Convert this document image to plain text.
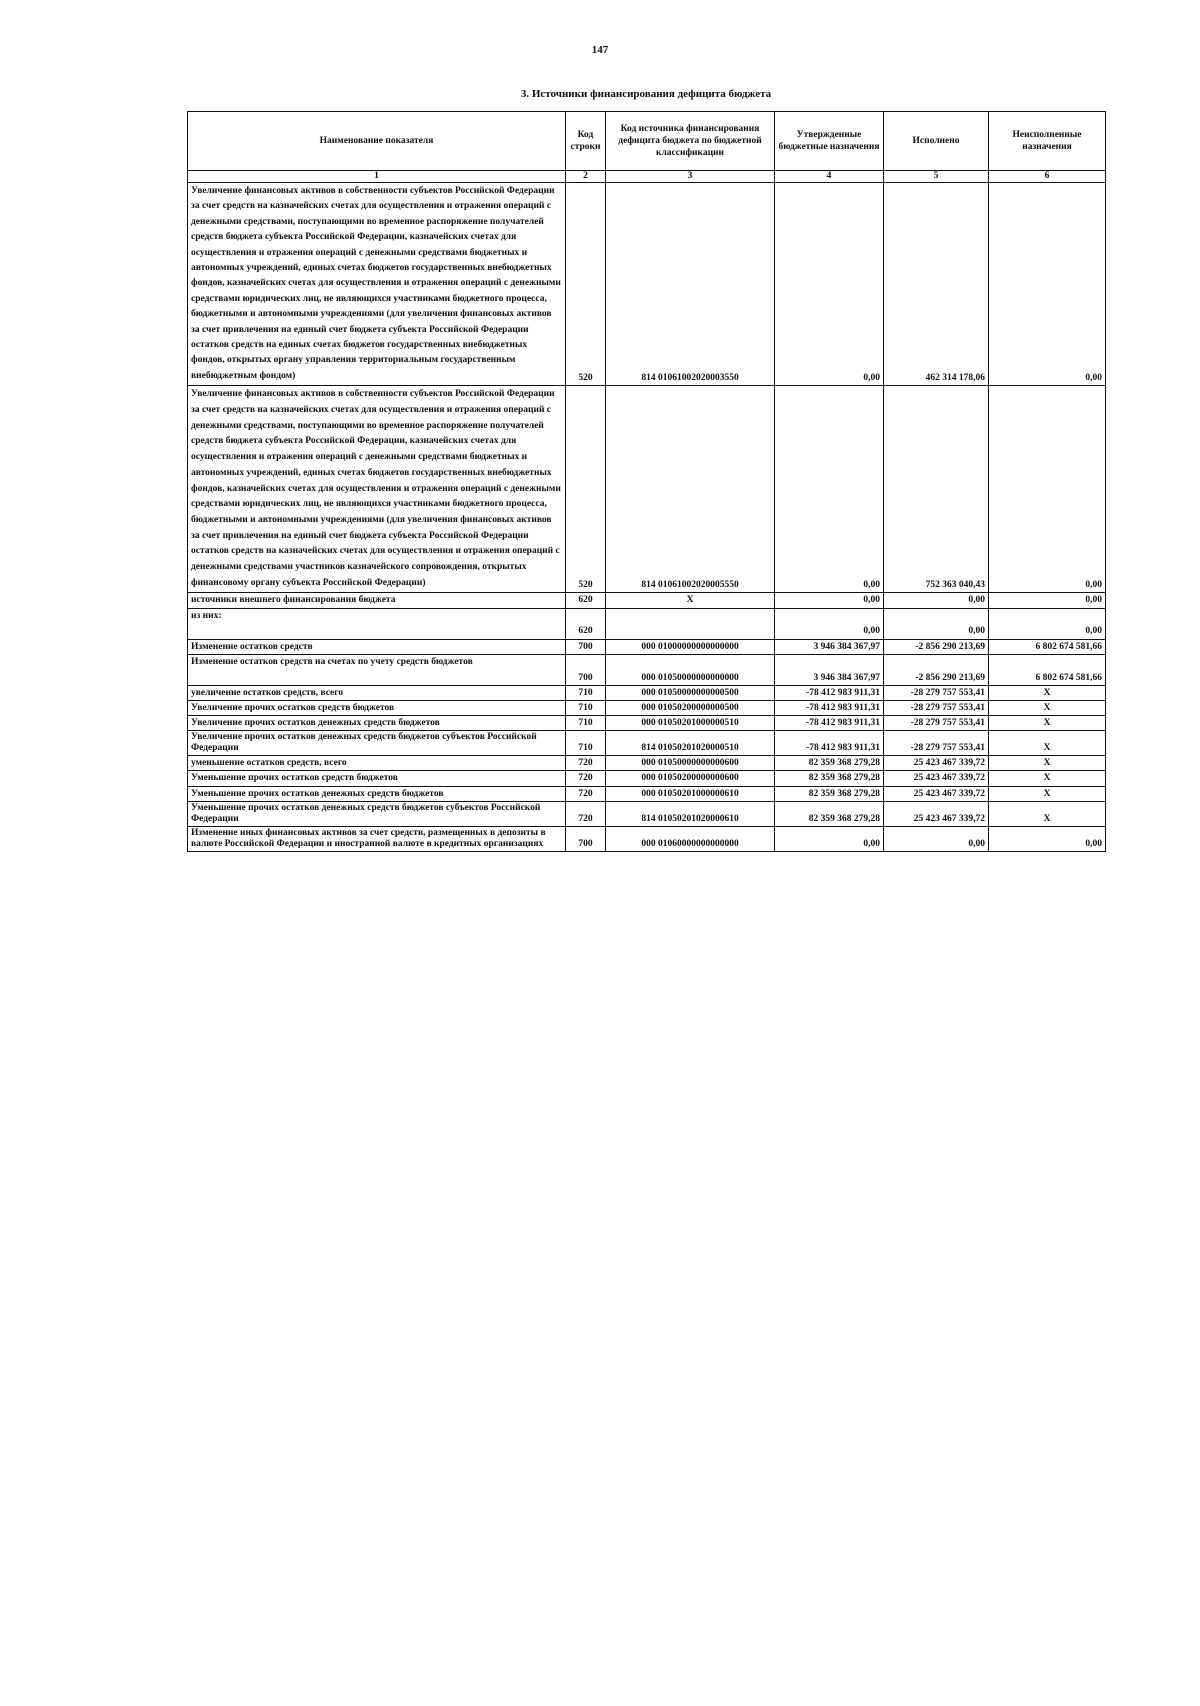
147
3. Источники финансирования дефицита бюджета
Наименование показателя	Код строки	Код источника финансирования дефицита бюджета по бюджетной классификации	Утвержденные бюджетные назначения	Исполнено	Неисполненные назначения
1	2	3	4	5	6
Увеличение финансовых активов в собственности субъектов Российской Федерации за счет средств на казначейских счетах для осуществления и отражения операций с денежными средствами, поступающими во временное распоряжение получателей средств бюджета субъекта Российской Федерации, казначейских счетах для осуществления и отражения операций с денежными средствами бюджетных и автономных учреждений, единых счетах бюджетов государственных внебюджетных фондов, казначейских счетах для осуществления и отражения операций с денежными средствами юридических лиц, не являющихся участниками бюджетного процесса, бюджетными и автономными учреждениями (для увеличения финансовых активов за счет привлечения на единый счет бюджета субъекта Российской Федерации остатков средств на единых счетах бюджетов государственных внебюджетных фондов, открытых органу управления территориальным государственным внебюджетным фондом)	520	814 01061002020003550	0,00	462 314 178,06	0,00
Увеличение финансовых активов в собственности субъектов Российской Федерации за счет средств на казначейских счетах для осуществления и отражения операций с денежными средствами, поступающими во временное распоряжение получателей средств бюджета субъекта Российской Федерации, казначейских счетах для осуществления и отражения операций с денежными средствами бюджетных и автономных учреждений, единых счетах бюджетов государственных внебюджетных фондов, казначейских счетах для осуществления и отражения операций с денежными средствами юридических лиц, не являющихся участниками бюджетного процесса, бюджетными и автономными учреждениями (для увеличения финансовых активов за счет привлечения на единый счет бюджета субъекта Российской Федерации остатков средств на казначейских счетах для осуществления и отражения операций с денежными средствами участников казначейского сопровождения, открытых финансовому органу субъекта Российской Федерации)	520	814 01061002020005550	0,00	752 363 040,43	0,00
источники внешнего финансирования бюджета	620	X	0,00	0,00	0,00
из них:	620		0,00	0,00	0,00
Изменение остатков средств	700	000 01000000000000000	3 946 384 367,97	-2 856 290 213,69	6 802 674 581,66
Изменение остатков средств на счетах по учету средств бюджетов	700	000 01050000000000000	3 946 384 367,97	-2 856 290 213,69	6 802 674 581,66
увеличение остатков средств, всего	710	000 01050000000000500	-78 412 983 911,31	-28 279 757 553,41	X
Увеличение прочих остатков средств бюджетов	710	000 01050200000000500	-78 412 983 911,31	-28 279 757 553,41	X
Увеличение прочих остатков денежных средств бюджетов	710	000 01050201000000510	-78 412 983 911,31	-28 279 757 553,41	X
Увеличение прочих остатков денежных средств бюджетов субъектов Российской Федерации	710	814 01050201020000510	-78 412 983 911,31	-28 279 757 553,41	X
уменьшение остатков средств, всего	720	000 01050000000000600	82 359 368 279,28	25 423 467 339,72	X
Уменьшение прочих остатков средств бюджетов	720	000 01050200000000600	82 359 368 279,28	25 423 467 339,72	X
Уменьшение прочих остатков денежных средств бюджетов	720	000 01050201000000610	82 359 368 279,28	25 423 467 339,72	X
Уменьшение прочих остатков денежных средств бюджетов субъектов Российской Федерации	720	814 01050201020000610	82 359 368 279,28	25 423 467 339,72	X
Изменение иных финансовых активов за счет средств, размещенных в депозиты в валюте Российской Федерации и иностранной валюте в кредитных организациях	700	000 01060000000000000	0,00	0,00	0,00
